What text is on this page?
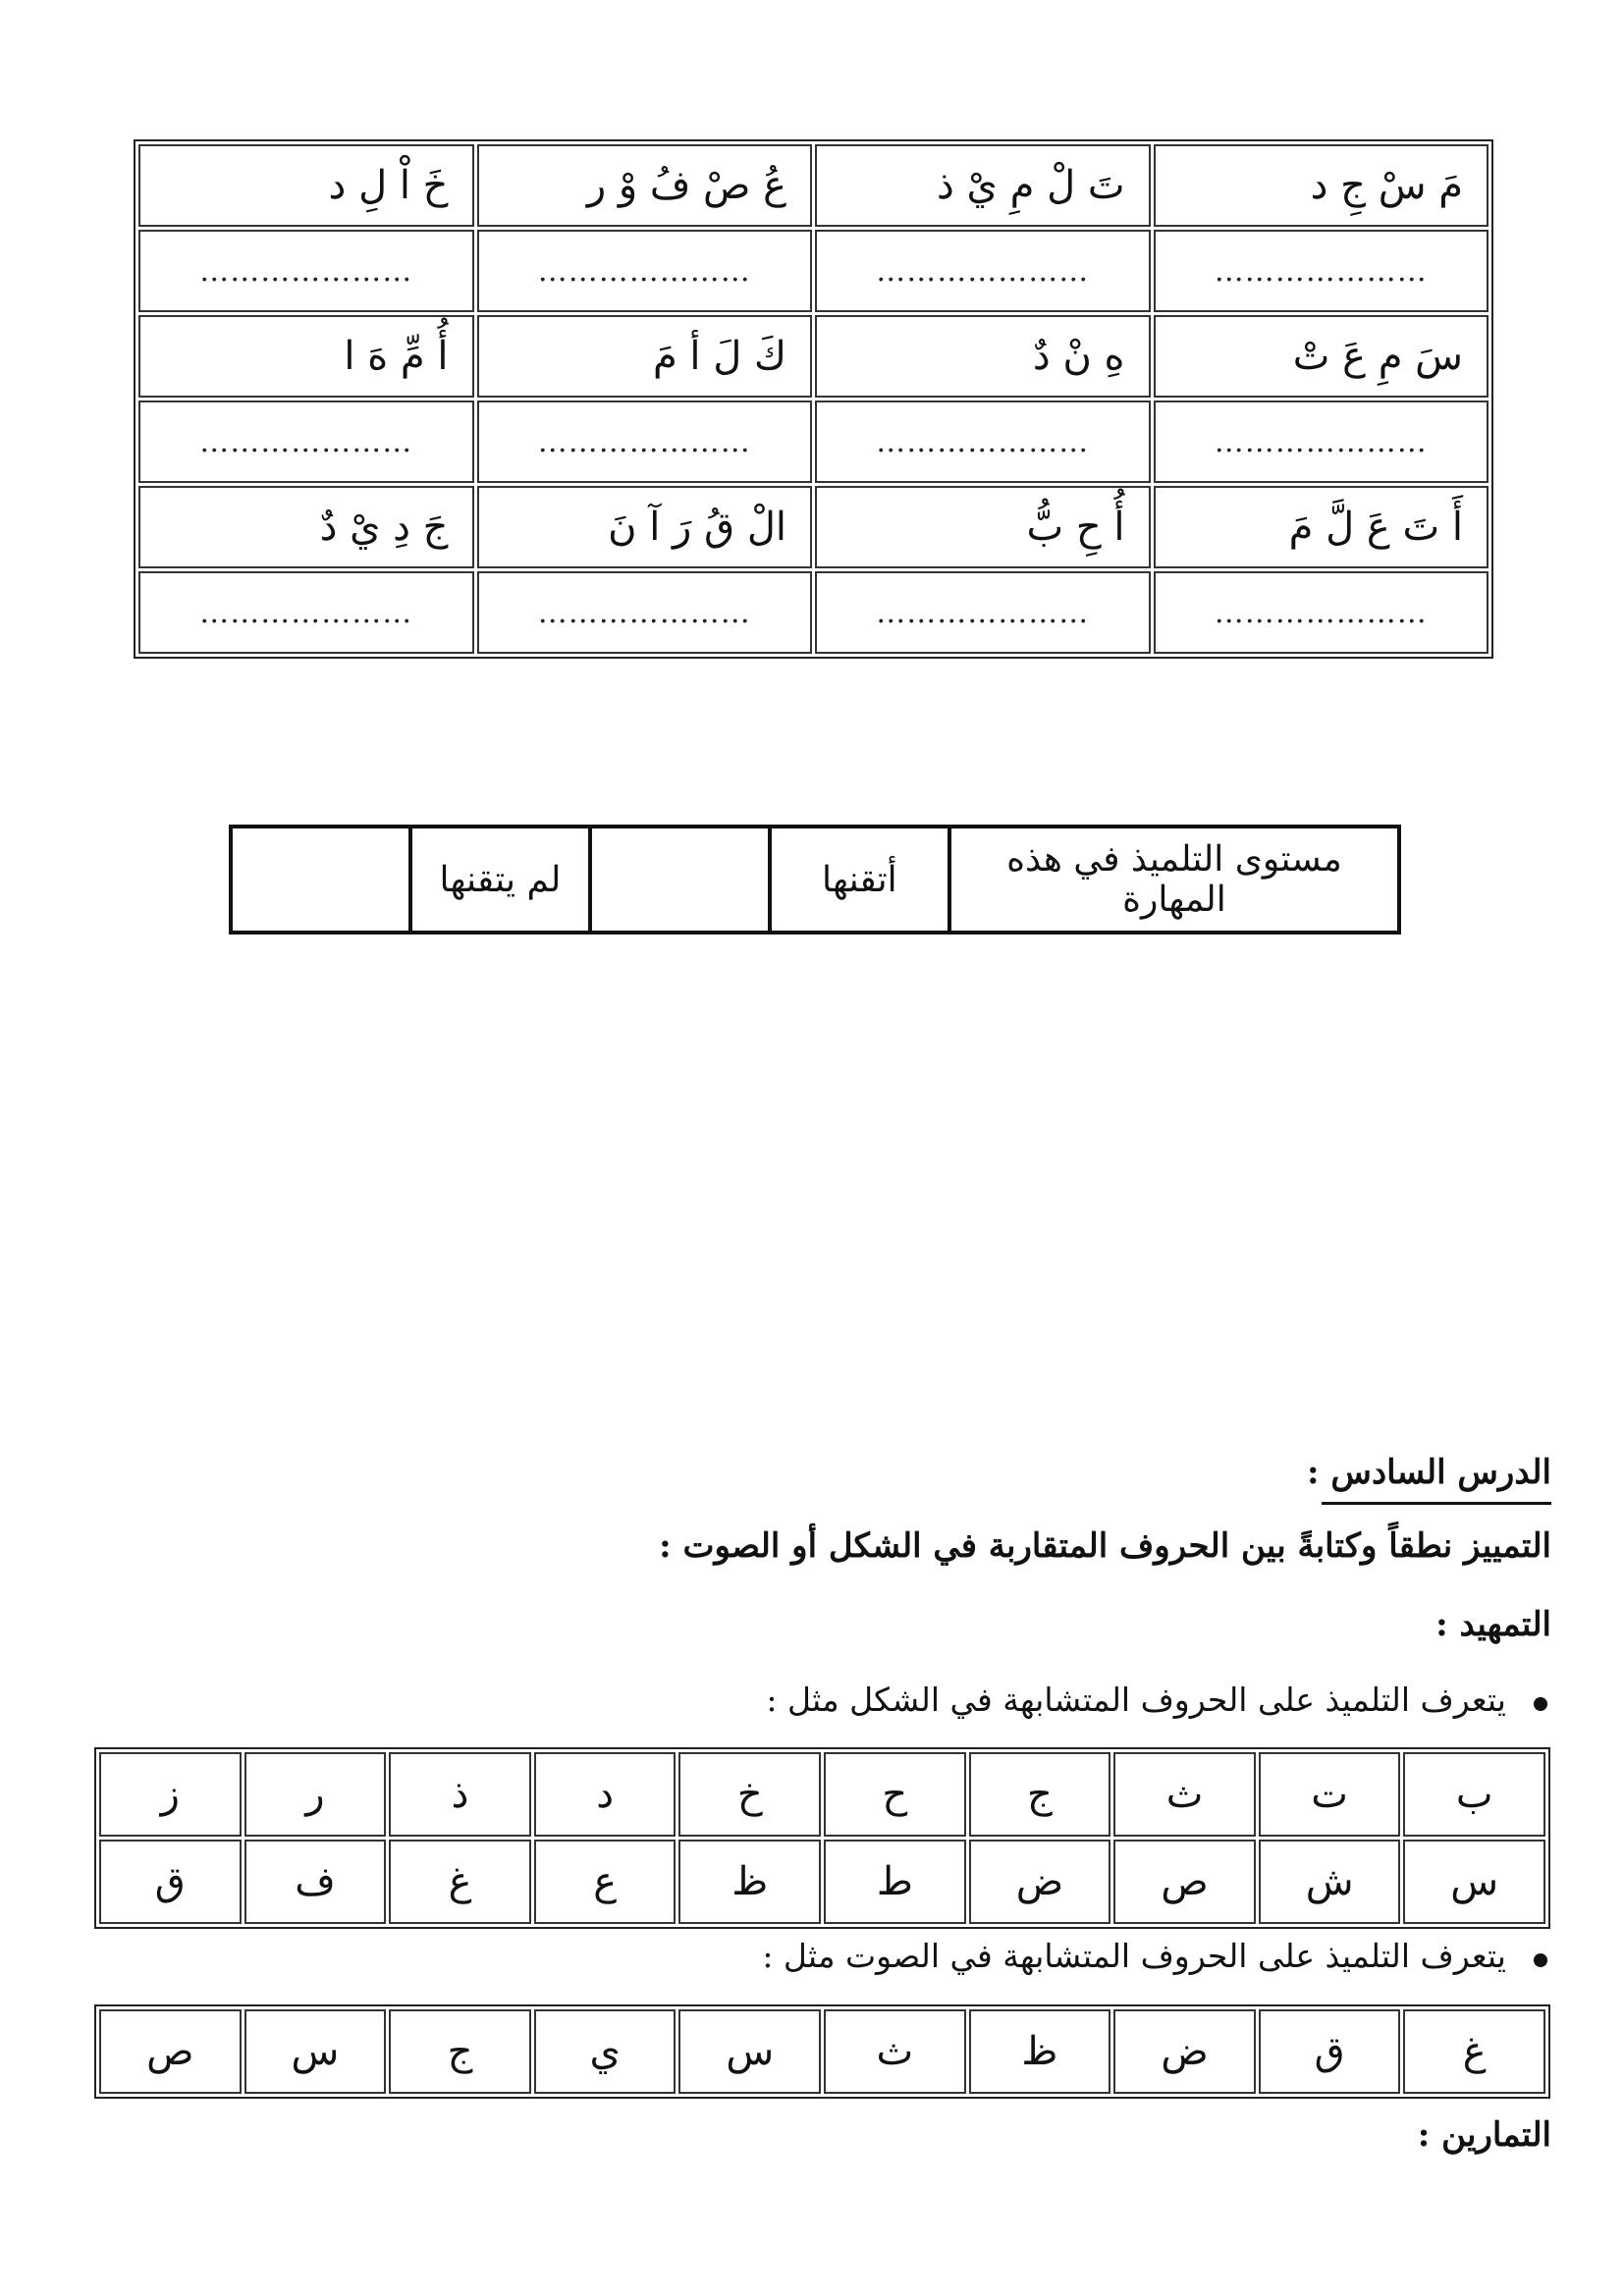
خَ اْ لِ د	عُ صْ فُ وْ ر	تَ لْ مِ يْ ذ	مَ سْ جِ د
…………………	…………………	…………………	…………………
أُ مِّ هَ ا	كَ لَ أ مَ	هِ نْ دٌ	سَ مِ عَ تْ
…………………	…………………	…………………	…………………
جَ دِ يْ دٌ	الْ قُ رَ آ نَ	أُ حِ بُّ	أَ تَ عَ لَّ مَ
…………………	…………………	…………………	…………………
	لم يتقنها		أتقنها	مستوى التلميذ في هذه المهارة
الدرس السادس :
التمييز نطقاً وكتابةً بين الحروف المتقاربة في الشكل أو الصوت :
التمهيد :
يتعرف التلميذ على الحروف المتشابهة في الشكل مثل :
ب	ت	ث	ج	ح	خ	د	ذ	ر	ز
س	ش	ص	ض	ط	ظ	ع	غ	ف	ق
يتعرف التلميذ على الحروف المتشابهة في الصوت مثل :
غ	ق	ض	ظ	ث	س	ي	ج	س	ص
التمارين :
